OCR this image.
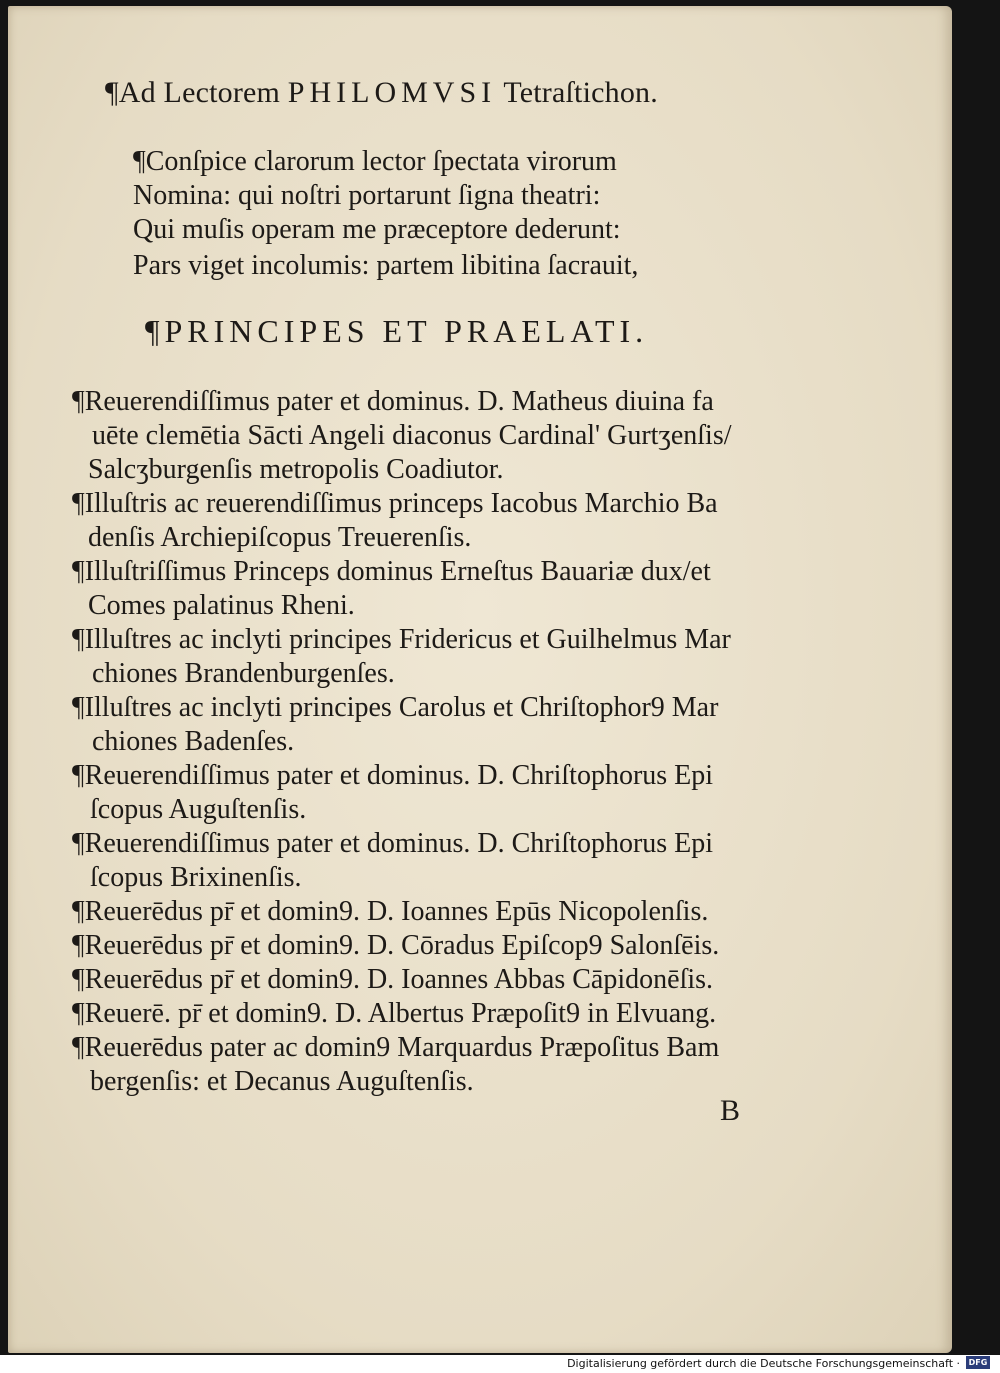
¶Ad Lectorem PHILOMVSI Tetraſtichon.
¶Conſpice clarorum lector ſpectata virorum
Nomina: qui noſtri portarunt ſigna theatri:
Qui muſis operam me præceptore dederunt:
Pars viget incolumis: partem libitina ſacrauit,
¶PRINCIPES ET PRAELATI.
¶Reuerendiſſimus pater et dominus. D. Matheus diuina fa
uēte clemētia Sācti Angeli diaconus Cardinal' Gurtʒenſis/
Salcʒburgenſis metropolis Coadiutor.
¶Illuſtris ac reuerendiſſimus princeps Iacobus Marchio Ba
denſis Archiepiſcopus Treuerenſis.
¶Illuſtriſſimus Princeps dominus Erneſtus Bauariæ dux/et
Comes palatinus Rheni.
¶Illuſtres ac inclyti principes Fridericus et Guilhelmus Mar
chiones Brandenburgenſes.
¶Illuſtres ac inclyti principes Carolus et Chriſtophor9 Mar
chiones Badenſes.
¶Reuerendiſſimus pater et dominus. D. Chriſtophorus Epi
ſcopus Auguſtenſis.
¶Reuerendiſſimus pater et dominus. D. Chriſtophorus Epi
ſcopus Brixinenſis.
¶Reuerēdus pr̄ et domin9. D. Ioannes Epūs Nicopolenſis.
¶Reuerēdus pr̄ et domin9. D. Cōradus Epiſcop9 Salonſēis.
¶Reuerēdus pr̄ et domin9. D. Ioannes Abbas Cāpidonēſis.
¶Reuerē. pr̄ et domin9. D. Albertus Præpoſit9 in Elvuang.
¶Reuerēdus pater ac domin9 Marquardus Præpoſitus Bam
bergenſis: et Decanus Auguſtenſis.
B
Digitalisierung gefördert durch die Deutsche Forschungsgemeinschaft ·	DFG
